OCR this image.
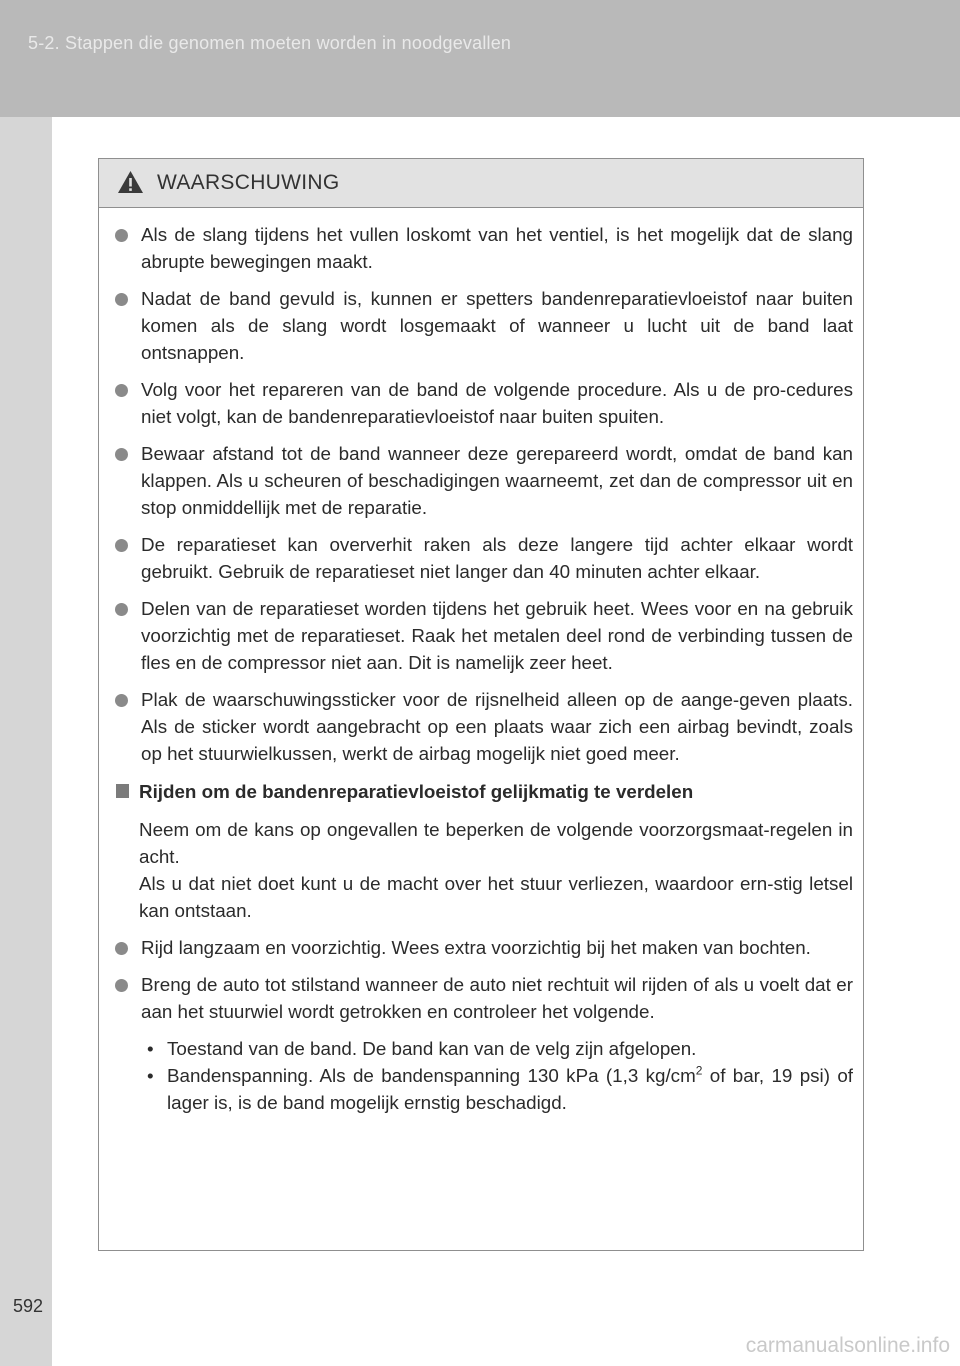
5-2. Stappen die genomen moeten worden in noodgevallen
592
WAARSCHUWING
Als de slang tijdens het vullen loskomt van het ventiel, is het mogelijk dat de slang abrupte bewegingen maakt.
Nadat de band gevuld is, kunnen er spetters bandenreparatievloeistof naar buiten komen als de slang wordt losgemaakt of wanneer u lucht uit de band laat ontsnappen.
Volg voor het repareren van de band de volgende procedure. Als u de pro-cedures niet volgt, kan de bandenreparatievloeistof naar buiten spuiten.
Bewaar afstand tot de band wanneer deze gerepareerd wordt, omdat de band kan klappen. Als u scheuren of beschadigingen waarneemt, zet dan de compressor uit en stop onmiddellijk met de reparatie.
De reparatieset kan oververhit raken als deze langere tijd achter elkaar wordt gebruikt. Gebruik de reparatieset niet langer dan 40 minuten achter elkaar.
Delen van de reparatieset worden tijdens het gebruik heet. Wees voor en na gebruik voorzichtig met de reparatieset. Raak het metalen deel rond de verbinding tussen de fles en de compressor niet aan. Dit is namelijk zeer heet.
Plak de waarschuwingssticker voor de rijsnelheid alleen op de aange-geven plaats. Als de sticker wordt aangebracht op een plaats waar zich een airbag bevindt, zoals op het stuurwielkussen, werkt de airbag mogelijk niet goed meer.
Rijden om de bandenreparatievloeistof gelijkmatig te verdelen
Neem om de kans op ongevallen te beperken de volgende voorzorgsmaat-regelen in acht.
Als u dat niet doet kunt u de macht over het stuur verliezen, waardoor ern-stig letsel kan ontstaan.
Rijd langzaam en voorzichtig. Wees extra voorzichtig bij het maken van bochten.
Breng de auto tot stilstand wanneer de auto niet rechtuit wil rijden of als u voelt dat er aan het stuurwiel wordt getrokken en controleer het volgende.
• Toestand van de band. De band kan van de velg zijn afgelopen.
• Bandenspanning. Als de bandenspanning 130 kPa (1,3 $kg/cm^2$ of bar, 19 psi) of lager is, is de band mogelijk ernstig beschadigd.
carmanualsonline.info
